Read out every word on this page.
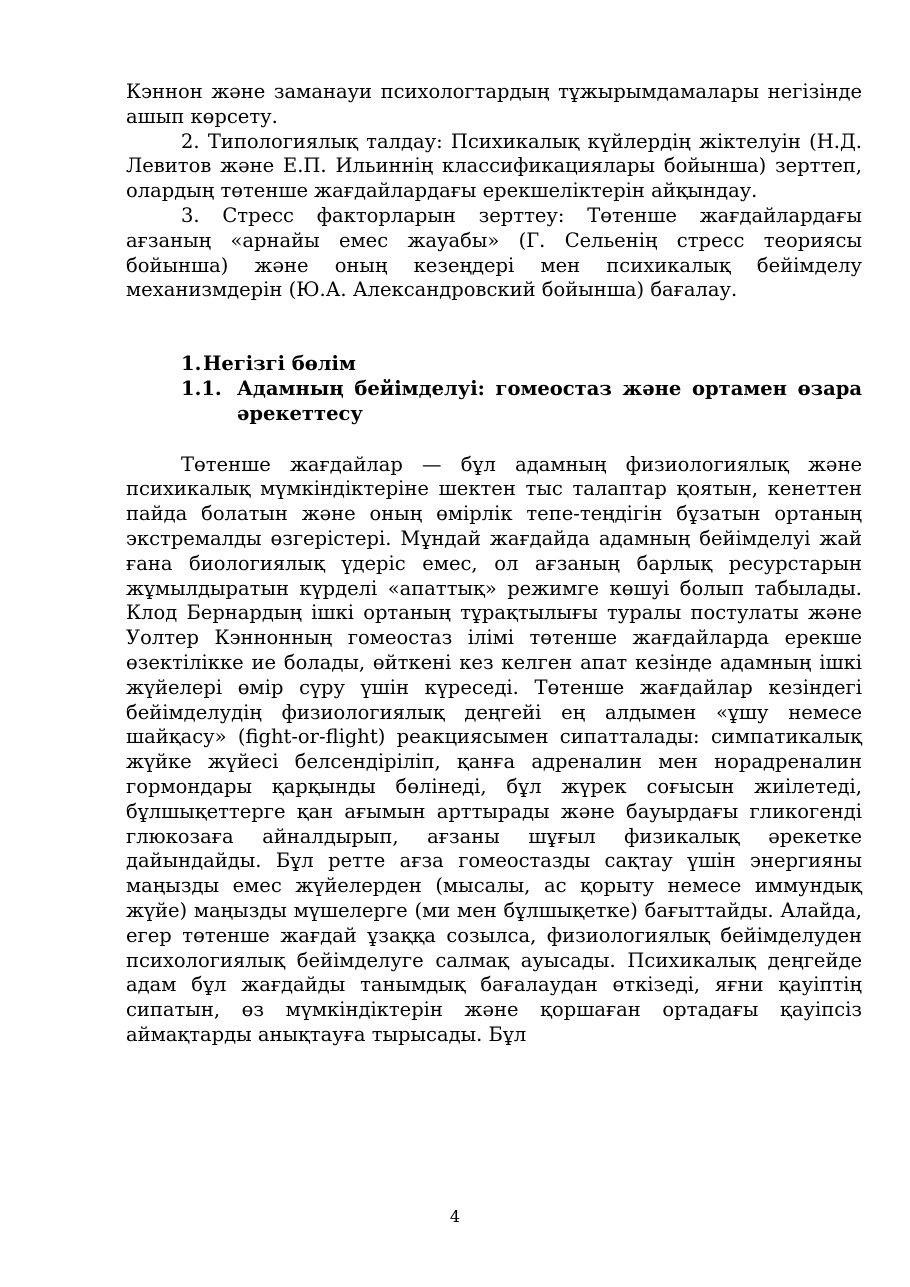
Кэннон және заманауи психологтардың тұжырымдамалары негізінде ашып көрсету.

2. Типологиялық талдау: Психикалық күйлердің жіктелуін (Н.Д. Левитов және Е.П. Ильиннің классификациялары бойынша) зерттеп, олардың төтенше жағдайлардағы ерекшеліктерін айқындау.

3. Стресс факторларын зерттеу: Төтенше жағдайлардағы ағзаның «арнайы емес жауабы» (Г. Сельенің стресс теориясы бойынша) және оның кезеңдері мен психикалық бейімделу механизмдерін (Ю.А. Александровский бойынша) бағалау.

1. Негізгі бөлім
1.1. Адамның бейімделуі: гомеостаз және ортамен өзара әрекеттесу

Төтенше жағдайлар — бұл адамның физиологиялық және психикалық мүмкіндіктеріне шектен тыс талаптар қоятын, кенеттен пайда болатын және оның өмірлік тепе-теңдігін бұзатын ортаның экстремалды өзгерістері. Мұндай жағдайда адамның бейімделуі жай ғана биологиялық үдеріс емес, ол ағзаның барлық ресурстарын жұмылдыратын күрделі «апаттық» режимге көшуі болып табылады. Клод Бернардың ішкі ортаның тұрақтылығы туралы постулаты және Уолтер Кэннонның гомеостаз ілімі төтенше жағдайларда ерекше өзектілікке ие болады, өйткені кез келген апат кезінде адамның ішкі жүйелері өмір сүру үшін күреседі. Төтенше жағдайлар кезіндегі бейімделудің физиологиялық деңгейі ең алдымен «ұшу немесе шайқасу» (fight-or-flight) реакциясымен сипатталады: симпатикалық жүйке жүйесі белсендіріліп, қанға адреналин мен норадреналин гормондары қарқынды бөлінеді, бұл жүрек соғысын жиілетеді, бұлшықеттерге қан ағымын арттырады және бауырдағы гликогенді глюкозаға айналдырып, ағзаны шұғыл физикалық әрекетке дайындайды. Бұл ретте ағза гомеостазды сақтау үшін энергияны маңызды емес жүйелерден (мысалы, ас қорыту немесе иммундық жүйе) маңызды мүшелерге (ми мен бұлшықетке) бағыттайды. Алайда, егер төтенше жағдай ұзаққа созылса, физиологиялық бейімделуден психологиялық бейімделуге салмақ ауысады. Психикалық деңгейде адам бұл жағдайды танымдық бағалаудан өткізеді, яғни қауіптің сипатын, өз мүмкіндіктерін және қоршаған ортадағы қауіпсіз аймақтарды анықтауға тырысады. Бұл

4
